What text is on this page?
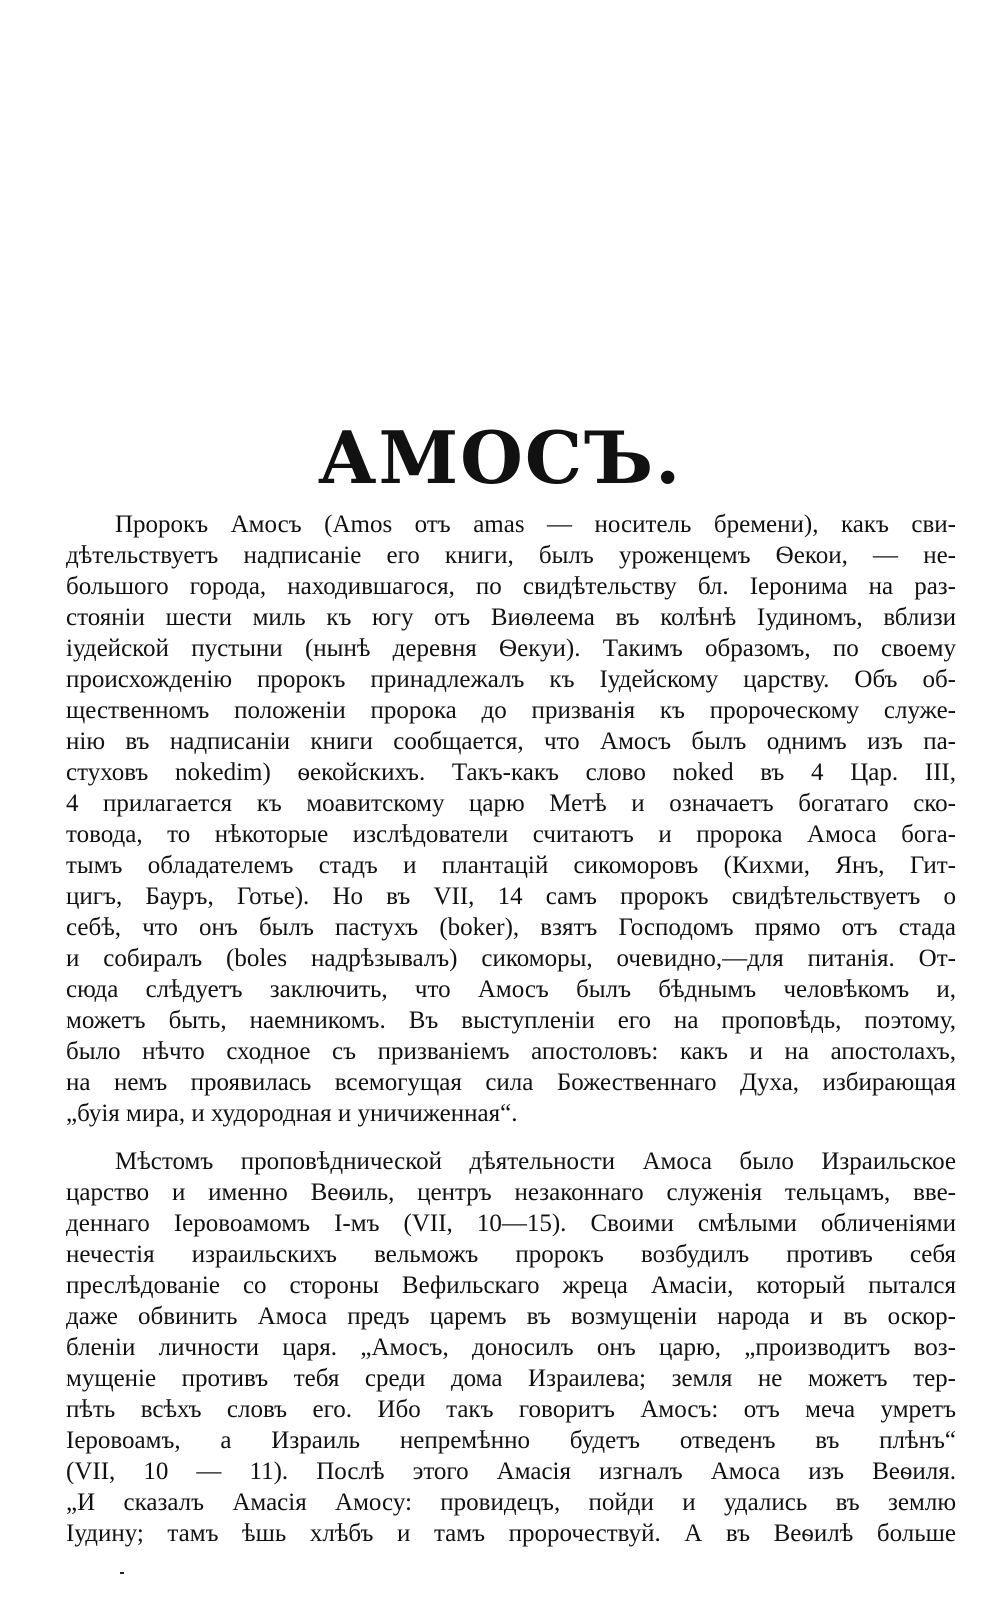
АМОСЪ.
Пророкъ Амосъ (Amos отъ amas — носитель бремени), какъ сви-
дѣтельствуетъ надписаніе его книги, былъ уроженцемъ Ѳекои, — не-
большого города, находившагося, по свидѣтельству бл. Іеронима на раз-
стояніи шести миль къ югу отъ Виѳлеема въ колѣнѣ Іудиномъ, вблизи
іудейской пустыни (нынѣ деревня Ѳекуи). Такимъ образомъ, по своему
происхожденію пророкъ принадлежалъ къ Іудейскому царству. Объ об-
щественномъ положеніи пророка до призванія къ пророческому служе-
нію въ надписаніи книги сообщается, что Амосъ былъ однимъ изъ па-
стуховъ nokedim) ѳекойскихъ. Такъ-какъ слово noked въ 4 Цар. III,
4 прилагается къ моавитскому царю Метѣ и означаетъ богатаго ско-
товода, то нѣкоторые изслѣдователи считаютъ и пророка Амоса бога-
тымъ обладателемъ стадъ и плантацій сикоморовъ (Кихми, Янъ, Гит-
цигъ, Бауръ, Готье). Но въ VII, 14 самъ пророкъ свидѣтельствуетъ о
себѣ, что онъ былъ пастухъ (boker), взятъ Господомъ прямо отъ стада
и собиралъ (boles надрѣзывалъ) сикоморы, очевидно,—для питанія. От-
сюда слѣдуетъ заключить, что Амосъ былъ бѣднымъ человѣкомъ и,
можетъ быть, наемникомъ. Въ выступленіи его на проповѣдь, поэтому,
было нѣчто сходное съ призваніемъ апостоловъ: какъ и на апостолахъ,
на немъ проявилась всемогущая сила Божественнаго Духа, избирающая
„буія мира, и худородная и уничиженная“.
Мѣстомъ проповѣднической дѣятельности Амоса было Израильское
царство и именно Веѳиль, центръ незаконнаго служенія тельцамъ, вве-
деннаго Іеровоамомъ I-мъ (VII, 10—15). Своими смѣлыми обличеніями
нечестія израильскихъ вельможъ пророкъ возбудилъ противъ себя
преслѣдованіе со стороны Вефильскаго жреца Амасіи, который пытался
даже обвинить Амоса предъ царемъ въ возмущеніи народа и въ оскор-
бленіи личности царя. „Амосъ, доносилъ онъ царю, „производитъ воз-
мущеніе противъ тебя среди дома Израилева; земля не можетъ тер-
пѣть всѣхъ словъ его. Ибо такъ говоритъ Амосъ: отъ меча умретъ
Іеровоамъ, а Израиль непремѣнно будетъ отведенъ въ плѣнъ“
(VII, 10 — 11). Послѣ этого Амасія изгналъ Амоса изъ Веѳиля.
„И сказалъ Амасія Амосу: провидецъ, пойди и удались въ землю
Іудину; тамъ ѣшь хлѣбъ и тамъ пророчествуй. А въ Веѳилѣ больше
